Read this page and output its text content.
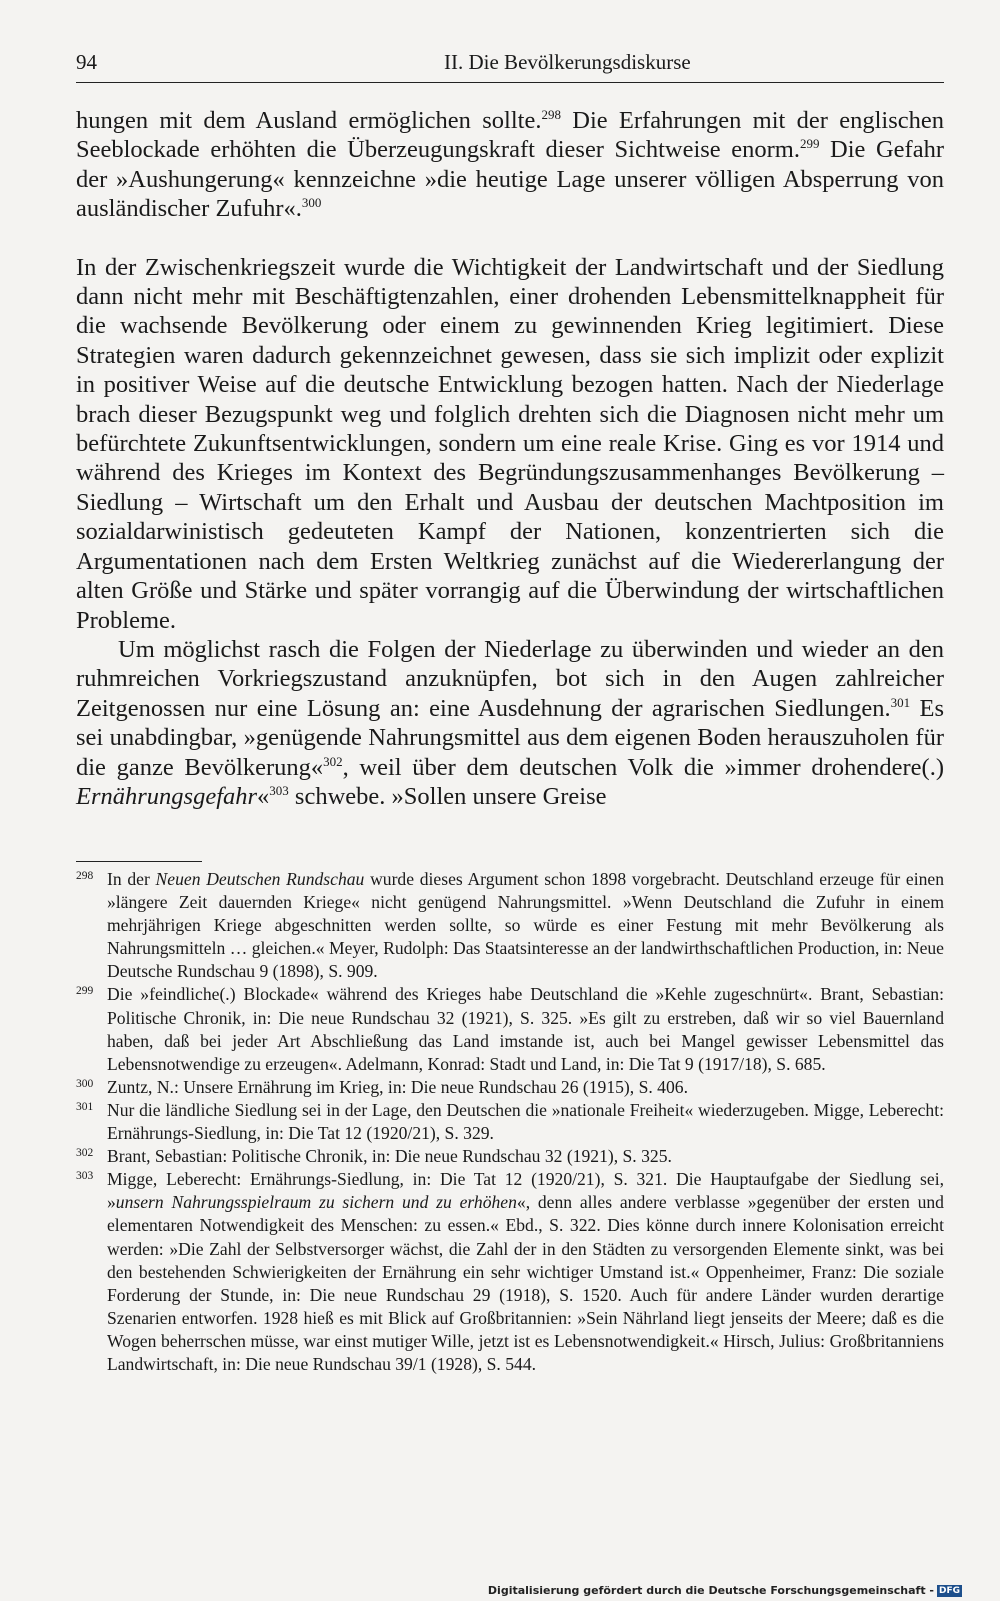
94	II. Die Bevölkerungsdiskurse

hungen mit dem Ausland ermöglichen sollte.$^{298}$ Die Erfahrungen mit der englischen Seeblockade erhöhten die Überzeugungskraft dieser Sichtweise enorm.$^{299}$ Die Gefahr der »Aushungerung« kennzeichne »die heutige Lage unserer völligen Absperrung von ausländischer Zufuhr«.$^{300}$

In der Zwischenkriegszeit wurde die Wichtigkeit der Landwirtschaft und der Siedlung dann nicht mehr mit Beschäftigtenzahlen, einer drohenden Lebensmittelknappheit für die wachsende Bevölkerung oder einem zu gewinnenden Krieg legitimiert. Diese Strategien waren dadurch gekennzeichnet gewesen, dass sie sich implizit oder explizit in positiver Weise auf die deutsche Entwicklung bezogen hatten. Nach der Niederlage brach dieser Bezugspunkt weg und folglich drehten sich die Diagnosen nicht mehr um befürchtete Zukunftsentwicklungen, sondern um eine reale Krise. Ging es vor 1914 und während des Krieges im Kontext des Begründungszusammenhanges Bevölkerung – Siedlung – Wirtschaft um den Erhalt und Ausbau der deutschen Machtposition im sozialdarwinistisch gedeuteten Kampf der Nationen, konzentrierten sich die Argumentationen nach dem Ersten Weltkrieg zunächst auf die Wiedererlangung der alten Größe und Stärke und später vorrangig auf die Überwindung der wirtschaftlichen Probleme.

Um möglichst rasch die Folgen der Niederlage zu überwinden und wieder an den ruhmreichen Vorkriegszustand anzuknüpfen, bot sich in den Augen zahlreicher Zeitgenossen nur eine Lösung an: eine Ausdehnung der agrarischen Siedlungen.$^{301}$ Es sei unabdingbar, »genügende Nahrungsmittel aus dem eigenen Boden herauszuholen für die ganze Bevölkerung«$^{302}$, weil über dem deutschen Volk die »immer drohendere(.) Ernährungsgefahr«$^{303}$ schwebe. »Sollen unsere Greise

298 In der Neuen Deutschen Rundschau wurde dieses Argument schon 1898 vorgebracht. Deutschland erzeuge für einen »längere Zeit dauernden Kriege« nicht genügend Nahrungsmittel. »Wenn Deutschland die Zufuhr in einem mehrjährigen Kriege abgeschnitten werden sollte, so würde es einer Festung mit mehr Bevölkerung als Nahrungsmitteln … gleichen.« Meyer, Rudolph: Das Staatsinteresse an der landwirthschaftlichen Production, in: Neue Deutsche Rundschau 9 (1898), S. 909.
299 Die »feindliche(.) Blockade« während des Krieges habe Deutschland die »Kehle zugeschnürt«. Brant, Sebastian: Politische Chronik, in: Die neue Rundschau 32 (1921), S. 325. »Es gilt zu erstreben, daß wir so viel Bauernland haben, daß bei jeder Art Abschließung das Land imstande ist, auch bei Mangel gewisser Lebensmittel das Lebensnotwendige zu erzeugen«. Adelmann, Konrad: Stadt und Land, in: Die Tat 9 (1917/18), S. 685.
300 Zuntz, N.: Unsere Ernährung im Krieg, in: Die neue Rundschau 26 (1915), S. 406.
301 Nur die ländliche Siedlung sei in der Lage, den Deutschen die »nationale Freiheit« wiederzugeben. Migge, Leberecht: Ernährungs-Siedlung, in: Die Tat 12 (1920/21), S. 329.
302 Brant, Sebastian: Politische Chronik, in: Die neue Rundschau 32 (1921), S. 325.
303 Migge, Leberecht: Ernährungs-Siedlung, in: Die Tat 12 (1920/21), S. 321. Die Hauptaufgabe der Siedlung sei, »unsern Nahrungsspielraum zu sichern und zu erhöhen«, denn alles andere verblasse »gegenüber der ersten und elementaren Notwendigkeit des Menschen: zu essen.« Ebd., S. 322. Dies könne durch innere Kolonisation erreicht werden: »Die Zahl der Selbstversorger wächst, die Zahl der in den Städten zu versorgenden Elemente sinkt, was bei den bestehenden Schwierigkeiten der Ernährung ein sehr wichtiger Umstand ist.« Oppenheimer, Franz: Die soziale Forderung der Stunde, in: Die neue Rundschau 29 (1918), S. 1520. Auch für andere Länder wurden derartige Szenarien entworfen. 1928 hieß es mit Blick auf Großbritannien: »Sein Nährland liegt jenseits der Meere; daß es die Wogen beherrschen müsse, war einst mutiger Wille, jetzt ist es Lebensnotwendigkeit.« Hirsch, Julius: Großbritanniens Landwirtschaft, in: Die neue Rundschau 39/1 (1928), S. 544.
Digitalisierung gefördert durch die Deutsche Forschungsgemeinschaft - DFG
